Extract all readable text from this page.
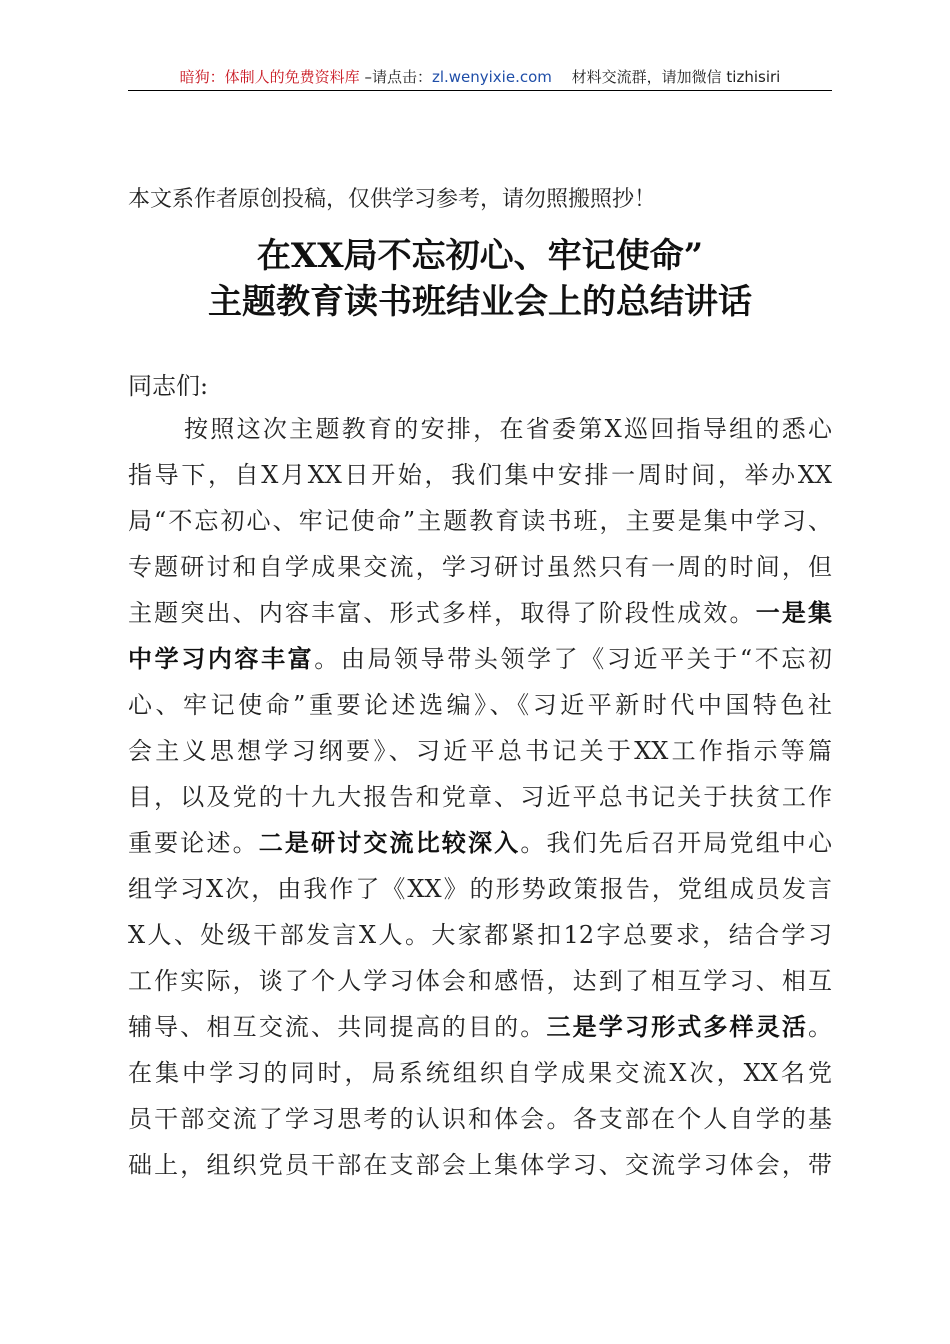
暗狗：体制人的免费资料库 –请点击：zl.wenyixie.com　 材料交流群，请加微信 tizhisiri
本文系作者原创投稿，仅供学习参考，请勿照搬照抄！
在XX局不忘初心、牢记使命”
主题教育读书班结业会上的总结讲话

同志们:

按照这次主题教育的安排，在省委第X巡回指导组的悉心
指导下，自X月XX日开始，我们集中安排一周时间，举办XX
局“不忘初心、牢记使命”主题教育读书班，主要是集中学习、
专题研讨和自学成果交流，学习研讨虽然只有一周的时间，但
主题突出、内容丰富、形式多样，取得了阶段性成效。一是集
中学习内容丰富。由局领导带头领学了《习近平关于“不忘初
心、牢记使命”重要论述选编》、《习近平新时代中国特色社
会主义思想学习纲要》、习近平总书记关于XX工作指示等篇
目，以及党的十九大报告和党章、习近平总书记关于扶贫工作
重要论述。二是研讨交流比较深入。我们先后召开局党组中心
组学习X次，由我作了《XX》的形势政策报告，党组成员发言
X人、处级干部发言X人。大家都紧扣12字总要求，结合学习
工作实际，谈了个人学习体会和感悟，达到了相互学习、相互
辅导、相互交流、共同提高的目的。三是学习形式多样灵活。
在集中学习的同时，局系统组织自学成果交流X次，XX名党
员干部交流了学习思考的认识和体会。各支部在个人自学的基
础上，组织党员干部在支部会上集体学习、交流学习体会，带
